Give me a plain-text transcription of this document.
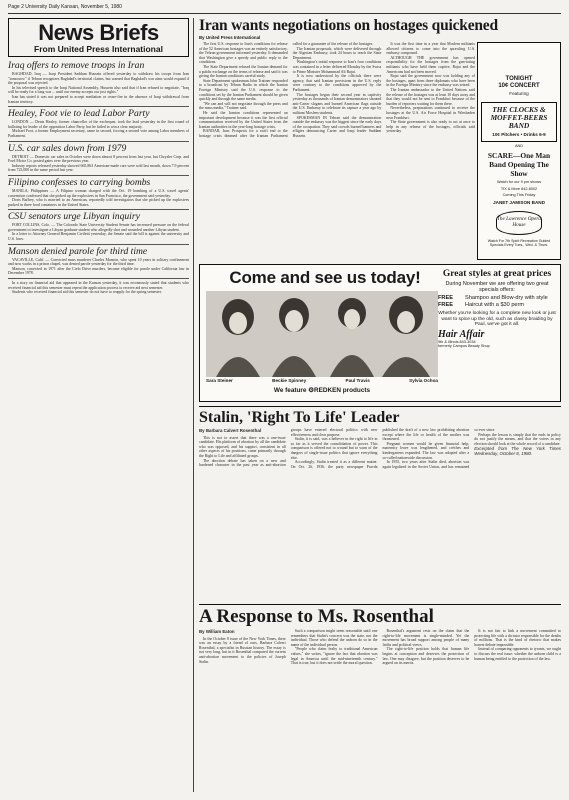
Page 2 University Daily Kansan, November 5, 1980
News Briefs
From United Press International
Iraq offers to remove troops in Iran

BAGHDAD, Iraq — Iraqi President Saddam Hussein offered yesterday to withdraw his troops from Iran "tomorrow" if Tehran recognizes Baghdad's territorial claims, but warned that Baghdad's war aims would expand if the proposal was rejected.

In his televised speech to the Iraqi National Assembly, Hussein also said that if Iran refused to negotiate, "Iraq will be ready for a long war ... until our enemy accepts our just rights."

Iran has stated it was not prepared to accept mediation or cease-fire in the absence of Iraqi withdrawal from Iranian territory.

Healey, Foot vie to lead Labor Party

LONDON — Denis Healey, former chancellor of the exchequer, took the lead yesterday in the first round of balloting for leader of the opposition Labor Party, but he failed to win a clear majority.

Michael Foot, a former Employment secretary, came in second, forcing a second vote among Labor members of Parliament.

U.S. car sales down from 1979

DETROIT — Domestic car sales in October were down almost 8 percent from last year, but Chrysler Corp. and Ford Motor Co. posted gains over the previous year.

Industry reports released yesterday showed 665,863 American-made cars were sold last month, down 7.9 percent from 723,000 in the same period last year.

Filipino confesses to carrying bombs

MANILA, Philippines — A Filipino woman charged with the Oct. 19 bombing of a U.S. travel agents' convention confessed that she picked up the explosives in San Francisco, the government said yesterday.

Doris Baffrey, who is married to an American, reportedly told investigators that she picked up the explosives packed in three food containers in the United States.

CSU senators urge Libyan inquiry

FORT COLLINS, Colo. — The Colorado State University Student Senate has increased pressure on the federal government to investigate a Libyan graduate student who allegedly shot and wounded another Libyan student.

In a letter to Attorney General Benjamin Civiletti yesterday, the Senate said the bill is against the university and U.S. laws.

Manson denied parole for third time

VACAVILLE, Calif. — Convicted mass murderer Charles Manson, who spent 10 years in solitary confinement and now works in a prison chapel, was denied parole yesterday for the third time.

Manson, convicted in 1971 after the Cielo Drive murders, became eligible for parole under California law in December 1978.

In a story on financial aid that appeared in the Kansan yesterday, it was erroneously stated that students who received financial aid this semester must repeat the application process to receive aid next semester.

Students who received financial aid this semester do not have to reapply for the spring semester.

Iran wants negotiations on hostages quickened
By United Press International

The first U.S. response to Iran's conditions for release of the 52 American hostages was an entirely satisfactory, the Tehran government informed yesterday. It demanded that Washington give a speedy and public reply to the conditions.

The State Department refused the Iranian demand for a public exchange on the terms of release and said it was giving the Iranian conditions careful study.

State Department spokesman John Trattner responded to a broadcast by Tehran Radio in which the Iranian Foreign Ministry said the U.S. response to the conditions set by the Iranian Parliament should be given quickly and through the same media.

"We can and will not negotiate through the press and the mass media," Trattner said.

He said the Iranian conditions represented an important development because it was the first official communication received by the United States from the Iranian authorities in the year-long hostage crisis.

BANDAR, Iran: Prospects for a swift end to the hostage crisis dimmed after the Iranian Parliament called for a guarantee of the release of the hostages.

The Iranian proposals, which were delivered through the Algerian Embassy, took 24 hours to reach the State Department.

Washington's initial response to Iran's four conditions was contained in a letter delivered Monday by the Swiss to Prime Minister Mohammad Ali Rajai.

It is now understood by the officials there were agency, that said Iranian provisions in the U.S. reply were contrary to the conditions approved by the Parliament.

The hostages began their second year in captivity yesterday as thousands of Iranian demonstrators shouted anti-Carter slogans and burned American flags outside the U.S. Embassy to celebrate its capture a year ago by militant Moslem students.

SPOKESMAN IN Tehran said the demonstration outside the embassy was the biggest since the early days of the occupation. They said crowds burned banners and effigies denouncing Carter and Iraqi leader Saddam Hussein.

It was the first time in a year that Moslem militants allowed citizens to come into the sprawling U.S. embassy compound.

ALTHOUGH THE government has opened responsibility for the hostages from the gun-toting militants who have held them captive, Rajai and the Americans had not been moved.

Rajai said the government now was holding any of the hostages, apart from three diplomats who have been in the Foreign Ministry since the embassy was seized.

The Iranian ambassador to the United Nations said the release of the hostages was at least 10 days away and that they would not be sent to Frankfurt because of the burden of reporters waiting for them there.

Nevertheless, preparations continued to receive the hostages at the U.S. Air Force Hospital in Wiesbaden near Frankfurt.

The State government is also ready to act at once to help in any release of the hostages, officials said yesterday.

TONIGHT
10¢ CONCERT
Featuring
THE CLOCKS & MOFFET-BEERS BAND
10¢ Pitchers • Drinks 6-9
AND
SCARE—One Man Band Opening The Show
Watch for our 9 pm shows
TIX & More 842-6002
Coming This Friday
JANET JAMISON BAND
The Lawrence Opera House
Watch For 7th Spirit Recreation Guided Specials Every Tues., Wed. & Thurs.
Come and see us today!
Sara Steiner	Beckie Spinney	Paul Travis	Sylvia Ochoa
We feature ⚙REDKEN products
Great styles at great prices
During November we are offering two great specials offers:
FREE	Shampoo and Blow-dry with style
FREE	Haircut with a $30 perm
Whether you're looking for a complete new look or just want to spice up the old, such as classy braiding by Paul, we've got it all.
Hair Affair
9th & Illinois 843-3034
formerly Campus Beauty Shop
Stalin, 'Right To Life' Leader
By Barbara Calvert Rosenthal

This is not to assert that there was a one-issue candidate. His platform of abortion by all the candidate who was opposed, and his support, consistent in all other aspects of his positions, came primarily through the Right to Life and affiliated groups.

The abortion debate has taken on a new and hardened character in the past year as anti-abortion groups have entered electoral politics with new effectiveness and clear purpose.

Stalin, it is said, was a believer in the right to life in so far as it served the consolidation of power. This comparison is offered not to wound but to warn of the dangers of single-issue politics that ignore everything else.

Accordingly, Stalin treated it as a different matter. On Oct. 26, 1936, the party newspaper Pravda published the draft of a new law prohibiting abortion except where the life or health of the mother was threatened.

Pregnant women would be given financial help, maternity leave was lengthened, and crèches and kindergartens expanded. The law was adopted after a so-called nationwide discussion.

In 1955, two years after Stalin died, abortion was again legalized in the Soviet Union, and has remained so ever since.

Perhaps the lesson is simply that the ends in policy do not justify the means, and that the voters in any election should look at the whole record of a candidate.

Excerpted from The New York Times Wednesday, October 8, 1980.
A Response to Ms. Rosenthal
By William Eaton

In the October 8 issue of the New York Times, there was an essay by a friend of ours, Barbara Calvert Rosenthal, a specialist in Russian history. The essay is not very long, but in it Rosenthal compared the current anti-abortion movement to the policies of Joseph Stalin.

Such a comparison might seem reasonable until one remembers that Stalin's concern was the state, not the individual. Those who defend the unborn do so in the name of the individual person.

"People who claim fealty to traditional American values," she writes, "ignore the fact that abortion was legal in America until the mid-nineteenth century." That is true, but it does not settle the moral question.

Rosenthal's argument rests on the claim that the right-to-life movement is single-minded. Yet the movement has broad support among people of many faiths and political views.

The right-to-life position holds that human life begins at conception and deserves the protection of law. One may disagree, but the position deserves to be argued on its merits.

It is not fair to link a movement committed to protecting life with a dictator responsible for the deaths of millions. That is the kind of rhetoric that makes honest debate impossible.

Instead of comparing opponents to tyrants, we ought to discuss the real issue: whether the unborn child is a human being entitled to the protection of the law.
